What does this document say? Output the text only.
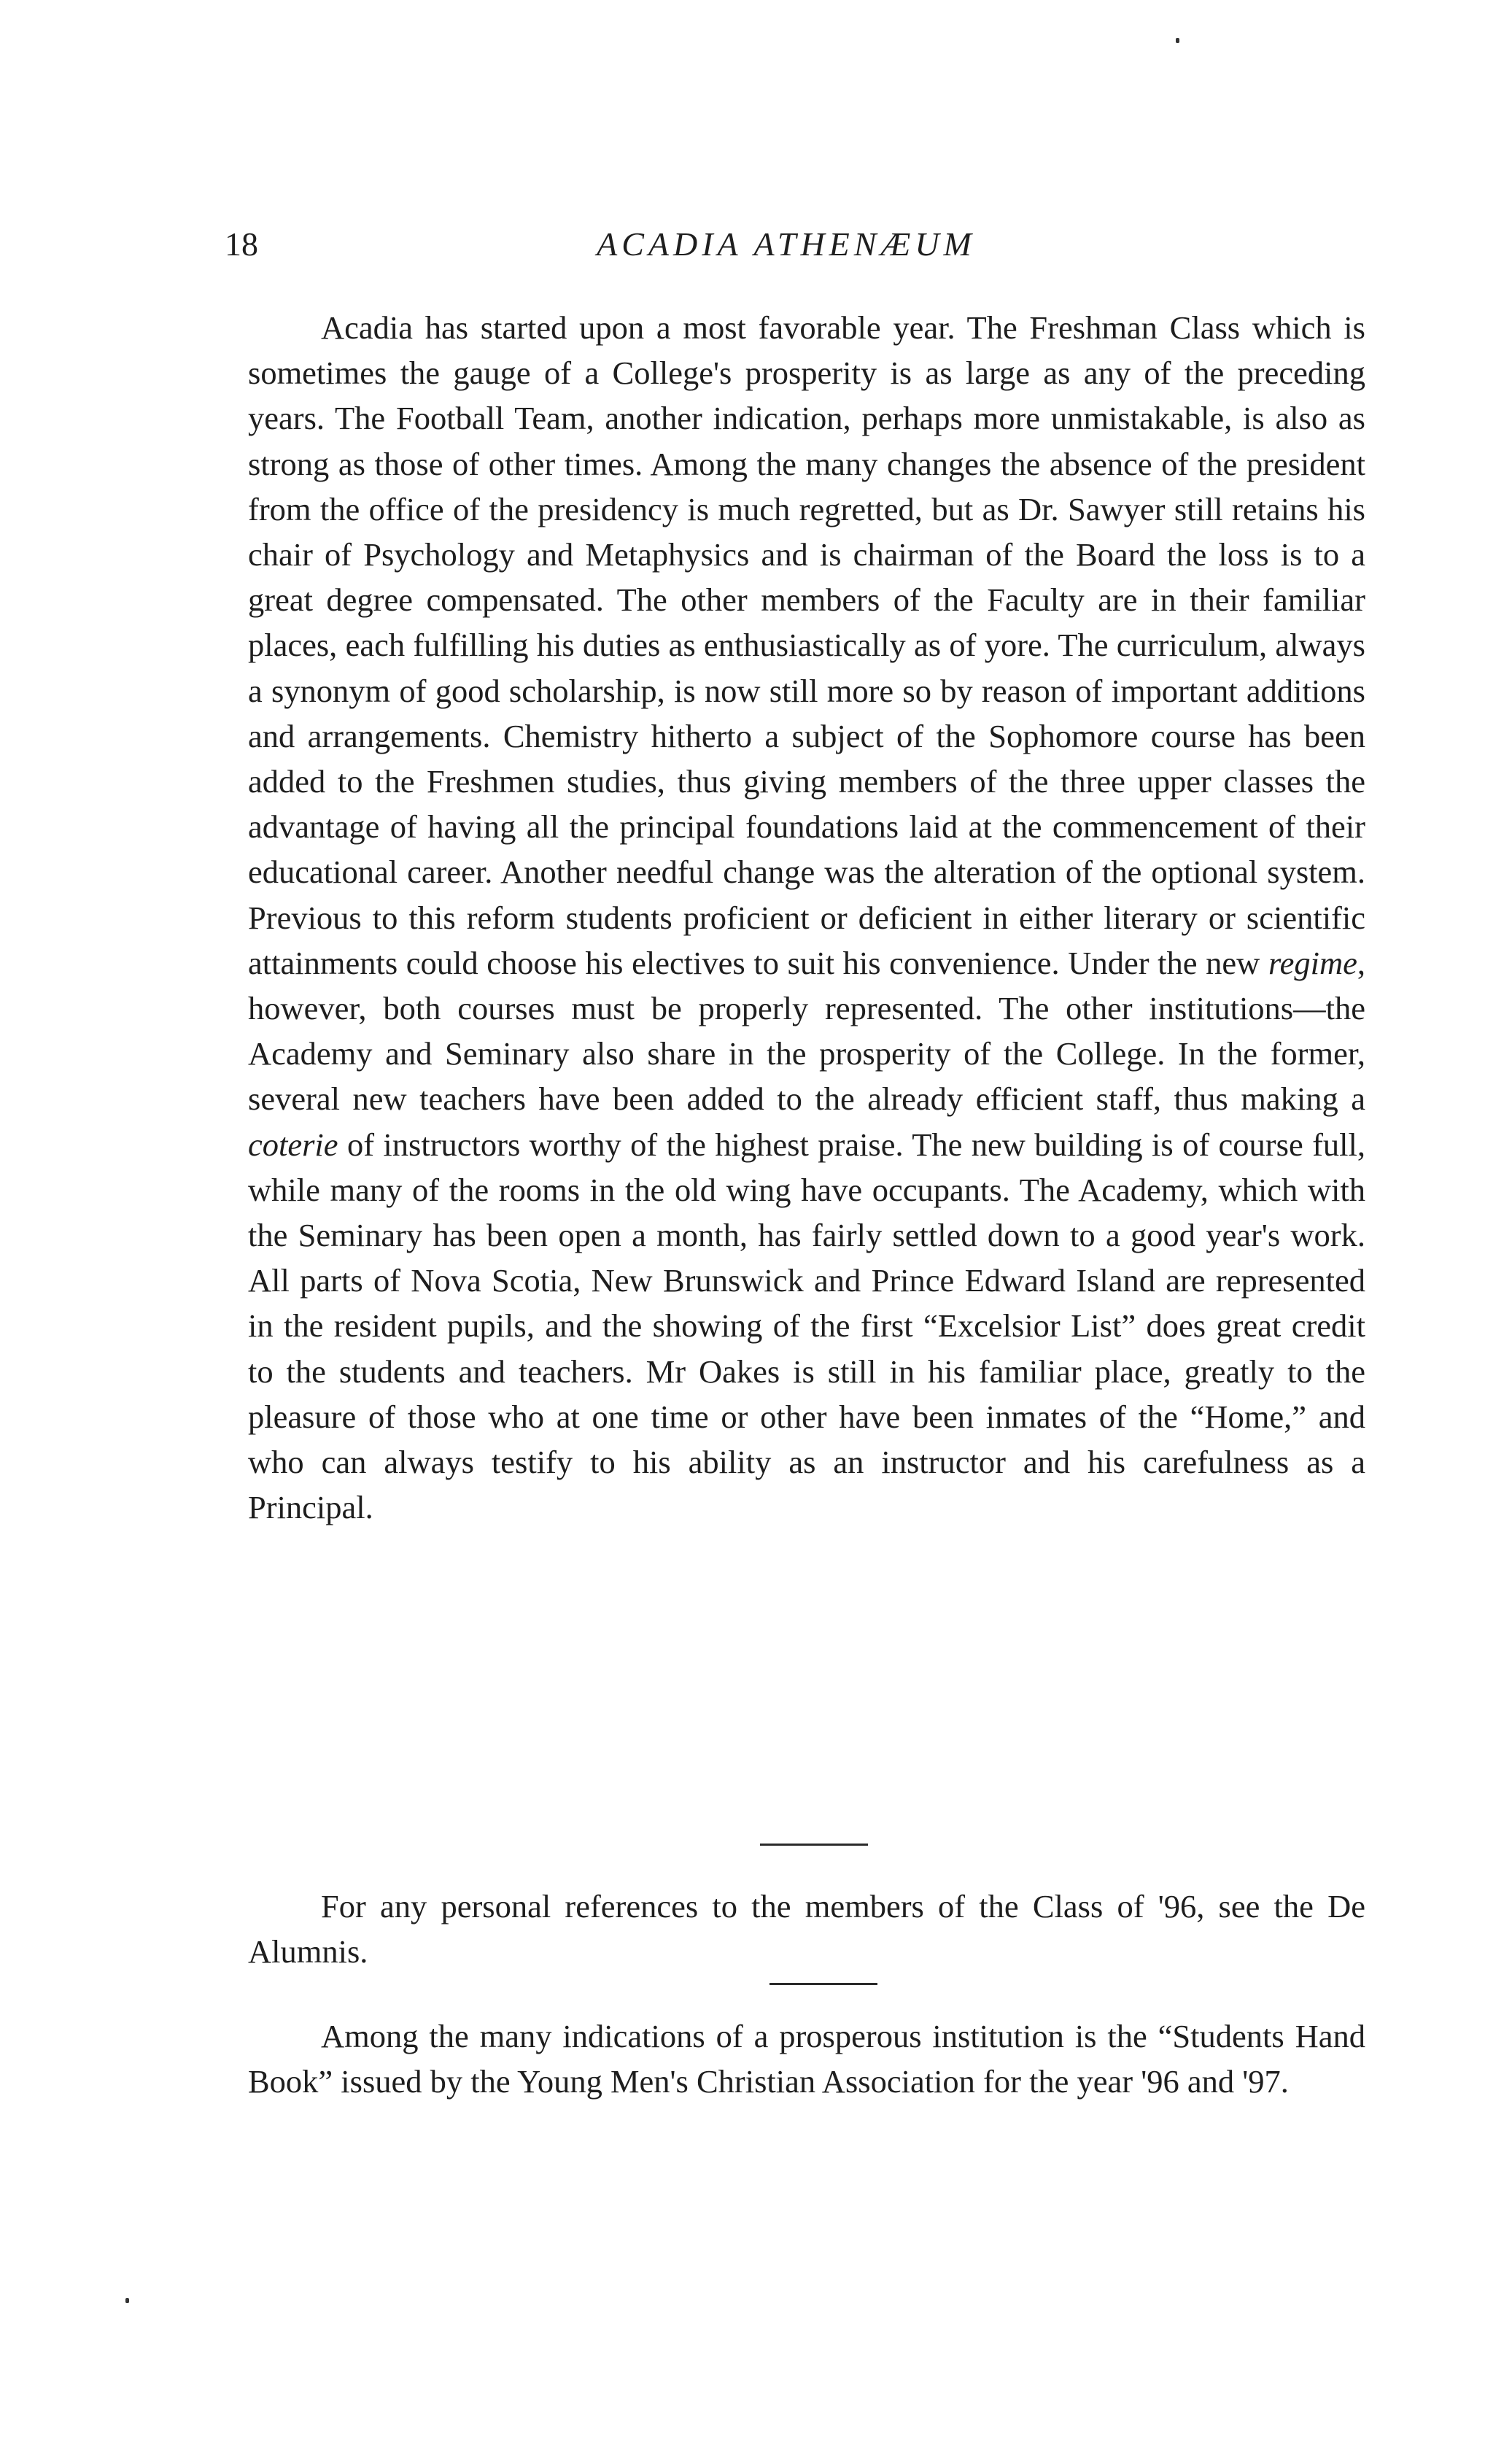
18	ACADIA ATHENÆUM

Acadia has started upon a most favorable year. The Freshman Class which is sometimes the gauge of a College's prosperity is as large as any of the preceding years. The Football Team, another indication, perhaps more unmistakable, is also as strong as those of other times. Among the many changes the absence of the president from the office of the presidency is much regretted, but as Dr. Sawyer still retains his chair of Psychology and Metaphysics and is chairman of the Board the loss is to a great degree compensated. The other members of the Faculty are in their familiar places, each fulfilling his duties as enthusiastically as of yore. The curriculum, always a synonym of good scholarship, is now still more so by reason of important additions and arrangements. Chemistry hitherto a subject of the Sophomore course has been added to the Freshmen studies, thus giving members of the three upper classes the advantage of having all the principal foundations laid at the commencement of their educational career. Another needful change was the alteration of the optional system. Previous to this reform students proficient or deficient in either literary or scientific attainments could choose his electives to suit his convenience. Under the new regime, however, both courses must be properly represented. The other institutions—the Academy and Seminary also share in the prosperity of the College. In the former, several new teachers have been added to the already efficient staff, thus making a coterie of instructors worthy of the highest praise. The new building is of course full, while many of the rooms in the old wing have occupants. The Academy, which with the Seminary has been open a month, has fairly settled down to a good year's work. All parts of Nova Scotia, New Brunswick and Prince Edward Island are represented in the resident pupils, and the showing of the first “Excelsior List” does great credit to the students and teachers. Mr Oakes is still in his familiar place, greatly to the pleasure of those who at one time or other have been inmates of the “Home,” and who can always testify to his ability as an instructor and his carefulness as a Principal.

For any personal references to the members of the Class of '96, see the De Alumnis.

Among the many indications of a prosperous institution is the “Students Hand Book” issued by the Young Men's Christian Association for the year '96 and '97.
